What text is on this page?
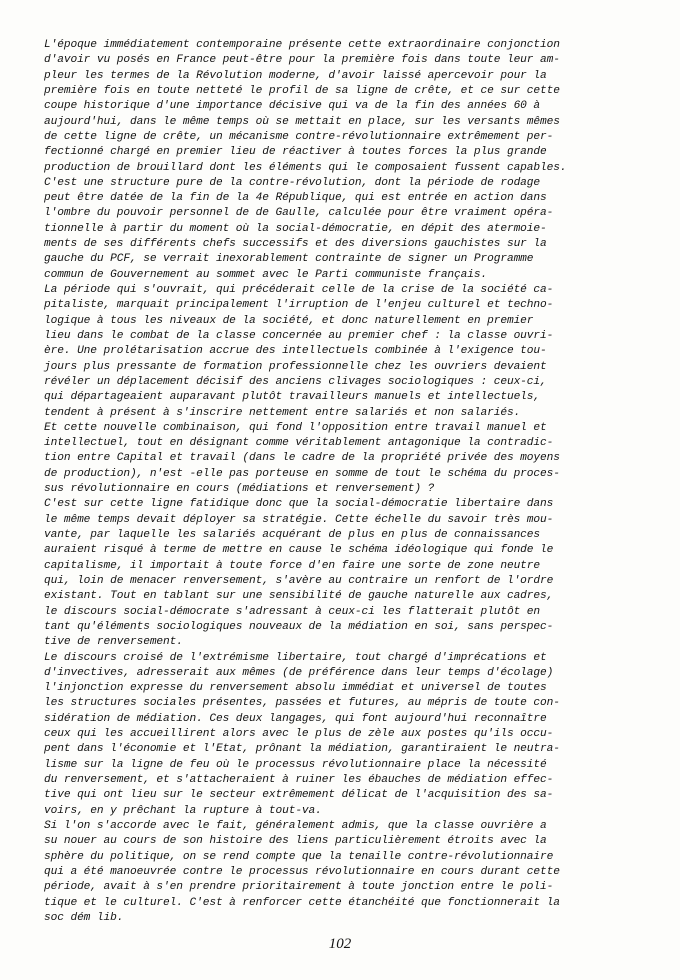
L'époque immédiatement contemporaine présente cette extraordinaire conjonction
d'avoir vu posés en France peut-être pour la première fois dans toute leur am-
pleur les termes de la Révolution moderne, d'avoir laissé apercevoir pour la
première fois en toute netteté le profil de sa ligne de crête, et ce sur cette
coupe historique d'une importance décisive qui va de la fin des années 60 à
aujourd'hui, dans le même temps où se mettait en place, sur les versants mêmes
de cette ligne de crête, un mécanisme contre-révolutionnaire extrêmement per-
fectionné chargé en premier lieu de réactiver à toutes forces la plus grande
production de brouillard dont les éléments qui le composaient fussent capables.
C'est une structure pure de la contre-révolution, dont la période de rodage
peut être datée de la fin de la 4e République, qui est entrée en action dans
l'ombre du pouvoir personnel de de Gaulle, calculée pour être vraiment opéra-
tionnelle à partir du moment où la social-démocratie, en dépit des atermoie-
ments de ses différents chefs successifs et des diversions gauchistes sur la
gauche du PCF, se verrait inexorablement contrainte de signer un Programme
commun de Gouvernement au sommet avec le Parti communiste français.
La période qui s'ouvrait, qui précéderait celle de la crise de la société ca-
pitaliste, marquait principalement l'irruption de l'enjeu culturel et techno-
logique à tous les niveaux de la société, et donc naturellement en premier
lieu dans le combat de la classe concernée au premier chef : la classe ouvri-
ère. Une prolétarisation accrue des intellectuels combinée à l'exigence tou-
jours plus pressante de formation professionnelle chez les ouvriers devaient
révéler un déplacement décisif des anciens clivages sociologiques : ceux-ci,
qui départageaient auparavant plutôt travailleurs manuels et intellectuels,
tendent à présent à s'inscrire nettement entre salariés et non salariés.
Et cette nouvelle combinaison, qui fond l'opposition entre travail manuel et
intellectuel, tout en désignant comme véritablement antagonique la contradic-
tion entre Capital et travail (dans le cadre de la propriété privée des moyens
de production), n'est -elle pas porteuse en somme de tout le schéma du proces-
sus révolutionnaire en cours (médiations et renversement) ?
C'est sur cette ligne fatidique donc que la social-démocratie libertaire dans
le même temps devait déployer sa stratégie. Cette échelle du savoir très mou-
vante, par laquelle les salariés acquérant de plus en plus de connaissances
auraient risqué à terme de mettre en cause le schéma idéologique qui fonde le
capitalisme, il importait à toute force d'en faire une sorte de zone neutre
qui, loin de menacer renversement, s'avère au contraire un renfort de l'ordre
existant. Tout en tablant sur une sensibilité de gauche naturelle aux cadres,
le discours social-démocrate s'adressant à ceux-ci les flatterait plutôt en
tant qu'éléments sociologiques nouveaux de la médiation en soi, sans perspec-
tive de renversement.
Le discours croisé de l'extrémisme libertaire, tout chargé d'imprécations et
d'invectives, adresserait aux mêmes (de préférence dans leur temps d'écolage)
l'injonction expresse du renversement absolu immédiat et universel de toutes
les structures sociales présentes, passées et futures, au mépris de toute con-
sidération de médiation. Ces deux langages, qui font aujourd'hui reconnaître
ceux qui les accueillirent alors avec le plus de zèle aux postes qu'ils occu-
pent dans l'économie et l'Etat, prônant la médiation, garantiraient le neutra-
lisme sur la ligne de feu où le processus révolutionnaire place la nécessité
du renversement, et s'attacheraient à ruiner les ébauches de médiation effec-
tive qui ont lieu sur le secteur extrêmement délicat de l'acquisition des sa-
voirs, en y prêchant la rupture à tout-va.
Si l'on s'accorde avec le fait, généralement admis, que la classe ouvrière a
su nouer au cours de son histoire des liens particulièrement étroits avec la
sphère du politique, on se rend compte que la tenaille contre-révolutionnaire
qui a été manoeuvrée contre le processus révolutionnaire en cours durant cette
période, avait à s'en prendre prioritairement à toute jonction entre le poli-
tique et le culturel. C'est à renforcer cette étanchéité que fonctionnerait la
soc dém lib.
102
